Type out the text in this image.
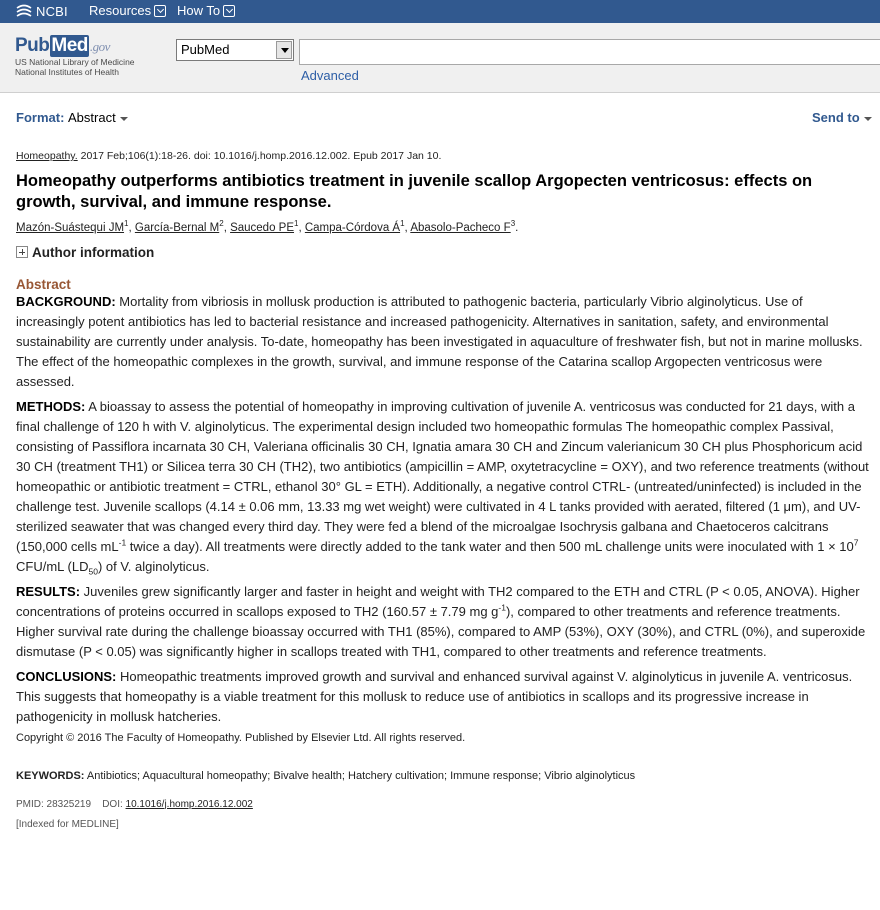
NCBI Resources How To
Pub Med .gov
US National Library of Medicine
National Institutes of Health
PubMed
Advanced
Format: Abstract	Send to
Homeopathy. 2017 Feb;106(1):18-26. doi: 10.1016/j.homp.2016.12.002. Epub 2017 Jan 10.
Homeopathy outperforms antibiotics treatment in juvenile scallop Argopecten ventricosus: effects on growth, survival, and immune response.
Mazón-Suástequi $JM^1$, García-Bernal $M^2$, Saucedo $PE^1$, Campa-Córdova $Á^1$, Abasolo-Pacheco $F^3$.
Author information
Abstract

BACKGROUND: Mortality from vibriosis in mollusk production is attributed to pathogenic bacteria, particularly Vibrio alginolyticus. Use of increasingly potent antibiotics has led to bacterial resistance and increased pathogenicity. Alternatives in sanitation, safety, and environmental sustainability are currently under analysis. To-date, homeopathy has been investigated in aquaculture of freshwater fish, but not in marine mollusks. The effect of the homeopathic complexes in the growth, survival, and immune response of the Catarina scallop Argopecten ventricosus were assessed.

METHODS: A bioassay to assess the potential of homeopathy in improving cultivation of juvenile A. ventricosus was conducted for 21 days, with a final challenge of 120 h with V. alginolyticus. The experimental design included two homeopathic formulas The homeopathic complex Passival, consisting of Passiflora incarnata 30 CH, Valeriana officinalis 30 CH, Ignatia amara 30 CH and Zincum valerianicum 30 CH plus Phosphoricum acid 30 CH (treatment TH1) or Silicea terra 30 CH (TH2), two antibiotics (ampicillin = AMP, oxytetracycline = OXY), and two reference treatments (without homeopathic or antibiotic treatment = CTRL, ethanol 30° GL = ETH). Additionally, a negative control CTRL- (untreated/uninfected) is included in the challenge test. Juvenile scallops (4.14 ± 0.06 mm, 13.33 mg wet weight) were cultivated in 4 L tanks provided with aerated, filtered (1 μm), and UV-sterilized seawater that was changed every third day. They were fed a blend of the microalgae Isochrysis galbana and Chaetoceros calcitrans (150,000 cells $mL^{-1}$ twice a day). All treatments were directly added to the tank water and then 500 mL challenge units were inoculated with $1 \times 10^7$ CFU/mL $(LD_{50})$ of V. alginolyticus.

RESULTS: Juveniles grew significantly larger and faster in height and weight with TH2 compared to the ETH and CTRL (P < 0.05, ANOVA). Higher concentrations of proteins occurred in scallops exposed to TH2 (160.57 ± 7.79 mg $g^{-1}$), compared to other treatments and reference treatments. Higher survival rate during the challenge bioassay occurred with TH1 (85%), compared to AMP (53%), OXY (30%), and CTRL (0%), and superoxide dismutase (P < 0.05) was significantly higher in scallops treated with TH1, compared to other treatments and reference treatments.

CONCLUSIONS: Homeopathic treatments improved growth and survival and enhanced survival against V. alginolyticus in juvenile A. ventricosus. This suggests that homeopathy is a viable treatment for this mollusk to reduce use of antibiotics in scallops and its progressive increase in pathogenicity in mollusk hatcheries.

Copyright © 2016 The Faculty of Homeopathy. Published by Elsevier Ltd. All rights reserved.
KEYWORDS: Antibiotics; Aquacultural homeopathy; Bivalve health; Hatchery cultivation; Immune response; Vibrio alginolyticus
PMID: 28325219 DOI: 10.1016/j.homp.2016.12.002
[Indexed for MEDLINE]
